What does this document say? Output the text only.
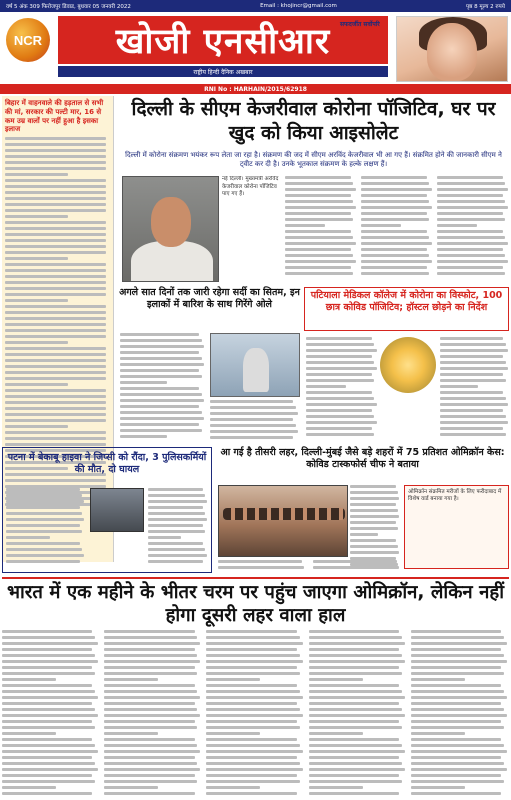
वर्ष 5 अंक 309 फिरोजपुर डिवाड, बुधवार 05 जनवरी 2022	Email : khojincr@gmail.com	पृष्ठ 8 मूल्य 2 रुपये
NCR खोजी एनसीआर सफदर्जीत सर्वोपरि
राष्ट्रीय हिन्दी दैनिक अखबार
RNI No : HARHAIN/2015/62918
बिहार में वाहनवाले की हड़ताल से सभी की मां, सरकार की पल्टी मार, 16 से कम उम्र वालों पर नहीं हुआ है इसका इलाज
दिल्ली के सीएम केजरीवाल कोरोना पॉजिटिव, घर पर खुद को किया आइसोलेट
दिल्ली में कोरोना संक्रमण भयंकर रूप लेता जा रहा है। संक्रमण की जद में सीएम अरविंद केजरीवाल भी आ गए हैं। संक्रमित होने की जानकारी सीएम ने ट्वीट कर दी है। उनके भूतकाल संक्रमण के हल्के लक्षण हैं।
नई दिल्ली। मुख्यमंत्री अरविंद केजरीवाल कोरोना पॉजिटिव पाए गए हैं।
अगले सात दिनों तक जारी रहेगा सर्दी का सितम, इन इलाकों में बारिश के साथ गिरेंगे ओले
पटियाला मेडिकल कॉलेज में कोरोना का विस्फोट, 100 छात्र कोविड पॉजिटिव; हॉस्टल छोड़ने का निर्देश
पटना में बेकाबू हाइवा ने जिप्सी को रौंदा, 3 पुलिसकर्मियों की मौत, दो घायल
आ गई है तीसरी लहर, दिल्ली-मुंबई जैसे बड़े शहरों में 75 प्रतिशत ओमिक्रॉन केस: कोविड टास्कफोर्स चीफ ने बताया
ओमिक्रॉन संक्रमित मरीजों के लिए फरीदाबाद में विशेष वार्ड बनाया गया है।
भारत में एक महीने के भीतर चरम पर पहुंच जाएगा ओमिक्रॉन, लेकिन नहीं होगा दूसरी लहर वाला हाल
